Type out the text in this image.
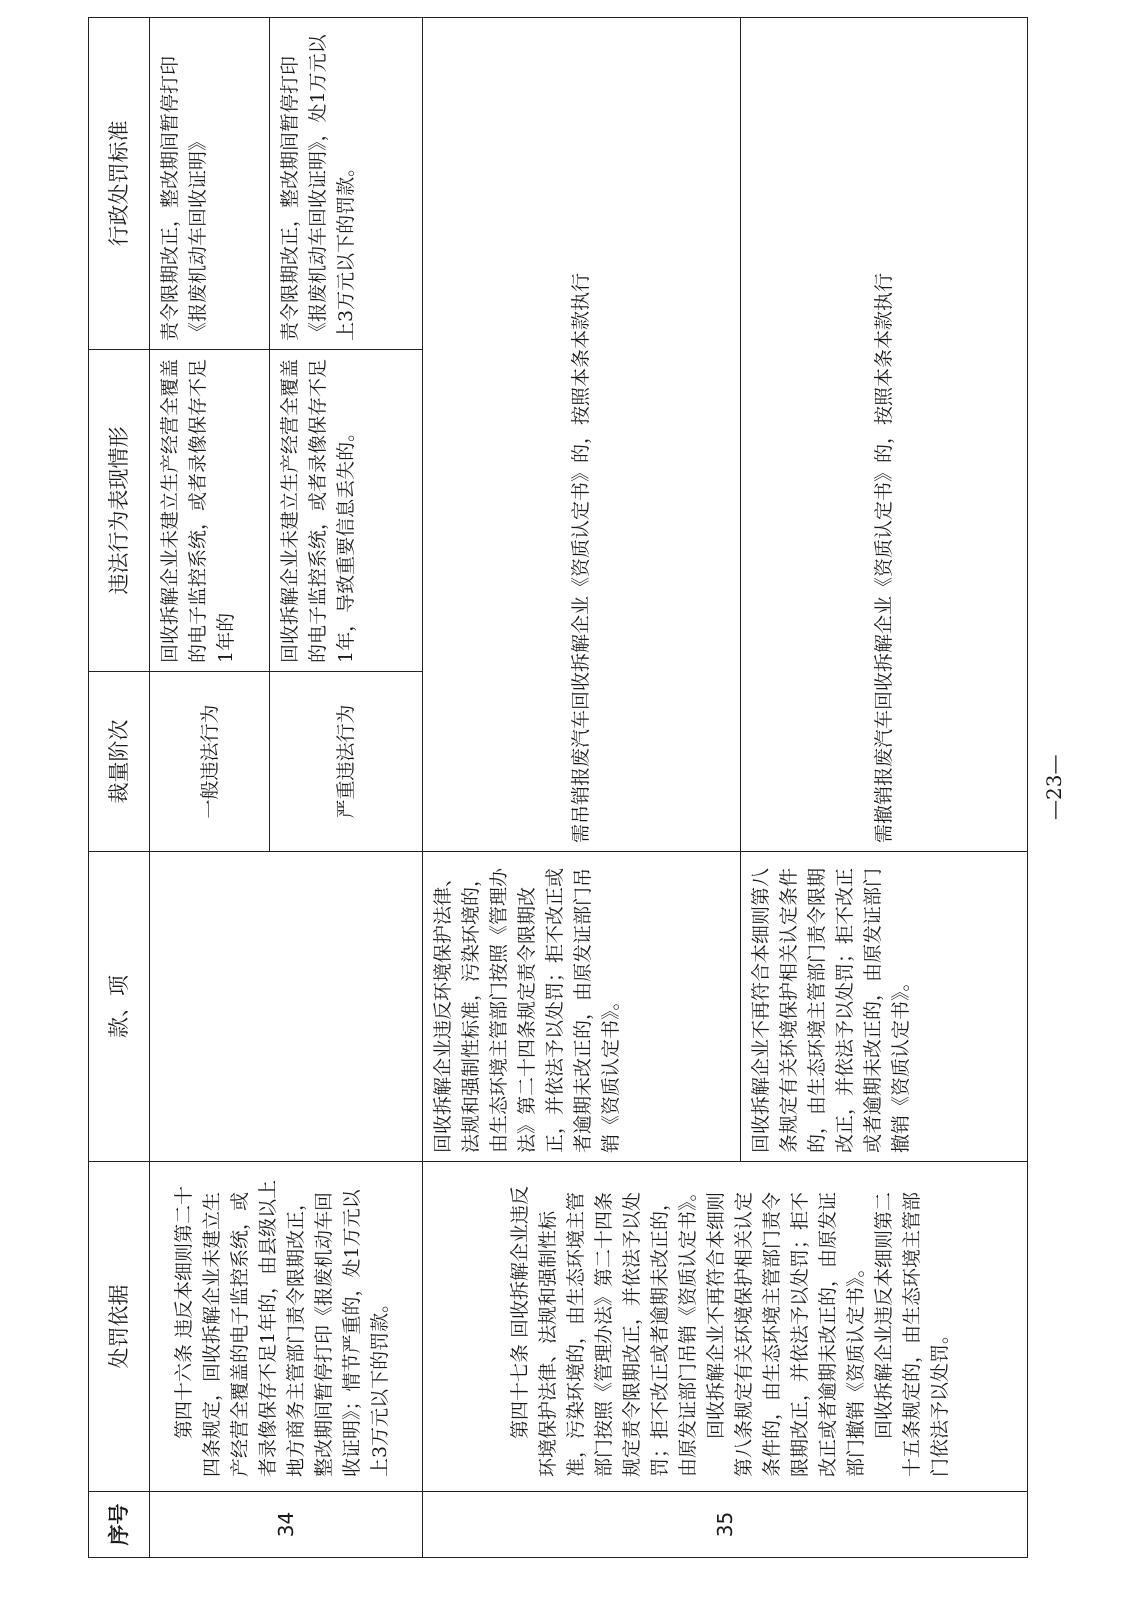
序号	处罚依据	款、项	裁量阶次	违法行为表现情形	行政处罚标准
34	第四十六条 违反本细则第二十四条规定，回收拆解企业未建立生产经营全覆盖的电子监控系统，或者录像保存不足1年的，由县级以上地方商务主管部门责令限期改正，整改期间暂停打印《报废机动车回收证明》；情节严重的，处1万元以上3万元以下的罚款。		一般违法行为	回收拆解企业未建立生产经营全覆盖的电子监控系统，或者录像保存不足1年的	责令限期改正，整改期间暂停打印《报废机动车回收证明》
			严重违法行为	回收拆解企业未建立生产经营全覆盖的电子监控系统，或者录像保存不足1年，导致重要信息丢失的。	责令限期改正，整改期间暂停打印《报废机动车回收证明》，处1万元以上3万元以下的罚款。
35	第四十七条 回收拆解企业违反环境保护法律、法规和强制性标准，污染环境的，由生态环境主管部门按照《管理办法》第二十四条规定责令限期改正，并依法予以处罚；拒不改正或者逾期未改正的，由原发证部门吊销《资质认定书》。 回收拆解企业不再符合本细则第八条规定有关环境保护相关认定条件的，由生态环境主管部门责令限期改正，并依法予以处罚；拒不改正或者逾期未改正的，由原发证部门撤销《资质认定书》。 回收拆解企业违反本细则第二十五条规定的，由生态环境主管部门依法予以处罚。	回收拆解企业违反环境保护法律、法规和强制性标准，污染环境的，由生态环境主管部门按照《管理办法》第二十四条规定责令限期改正，并依法予以处罚；拒不改正或者逾期未改正的，由原发证部门吊销《资质认定书》。	需吊销报废汽车回收拆解企业《资质认定书》的，按照本条本款执行		
		回收拆解企业不再符合本细则第八条规定有关环境保护相关认定条件的，由生态环境主管部门责令限期改正，并依法予以处罚；拒不改正或者逾期未改正的，由原发证部门撤销《资质认定书》。	需撤销报废汽车回收拆解企业《资质认定书》的，按照本条本款执行			—23—
